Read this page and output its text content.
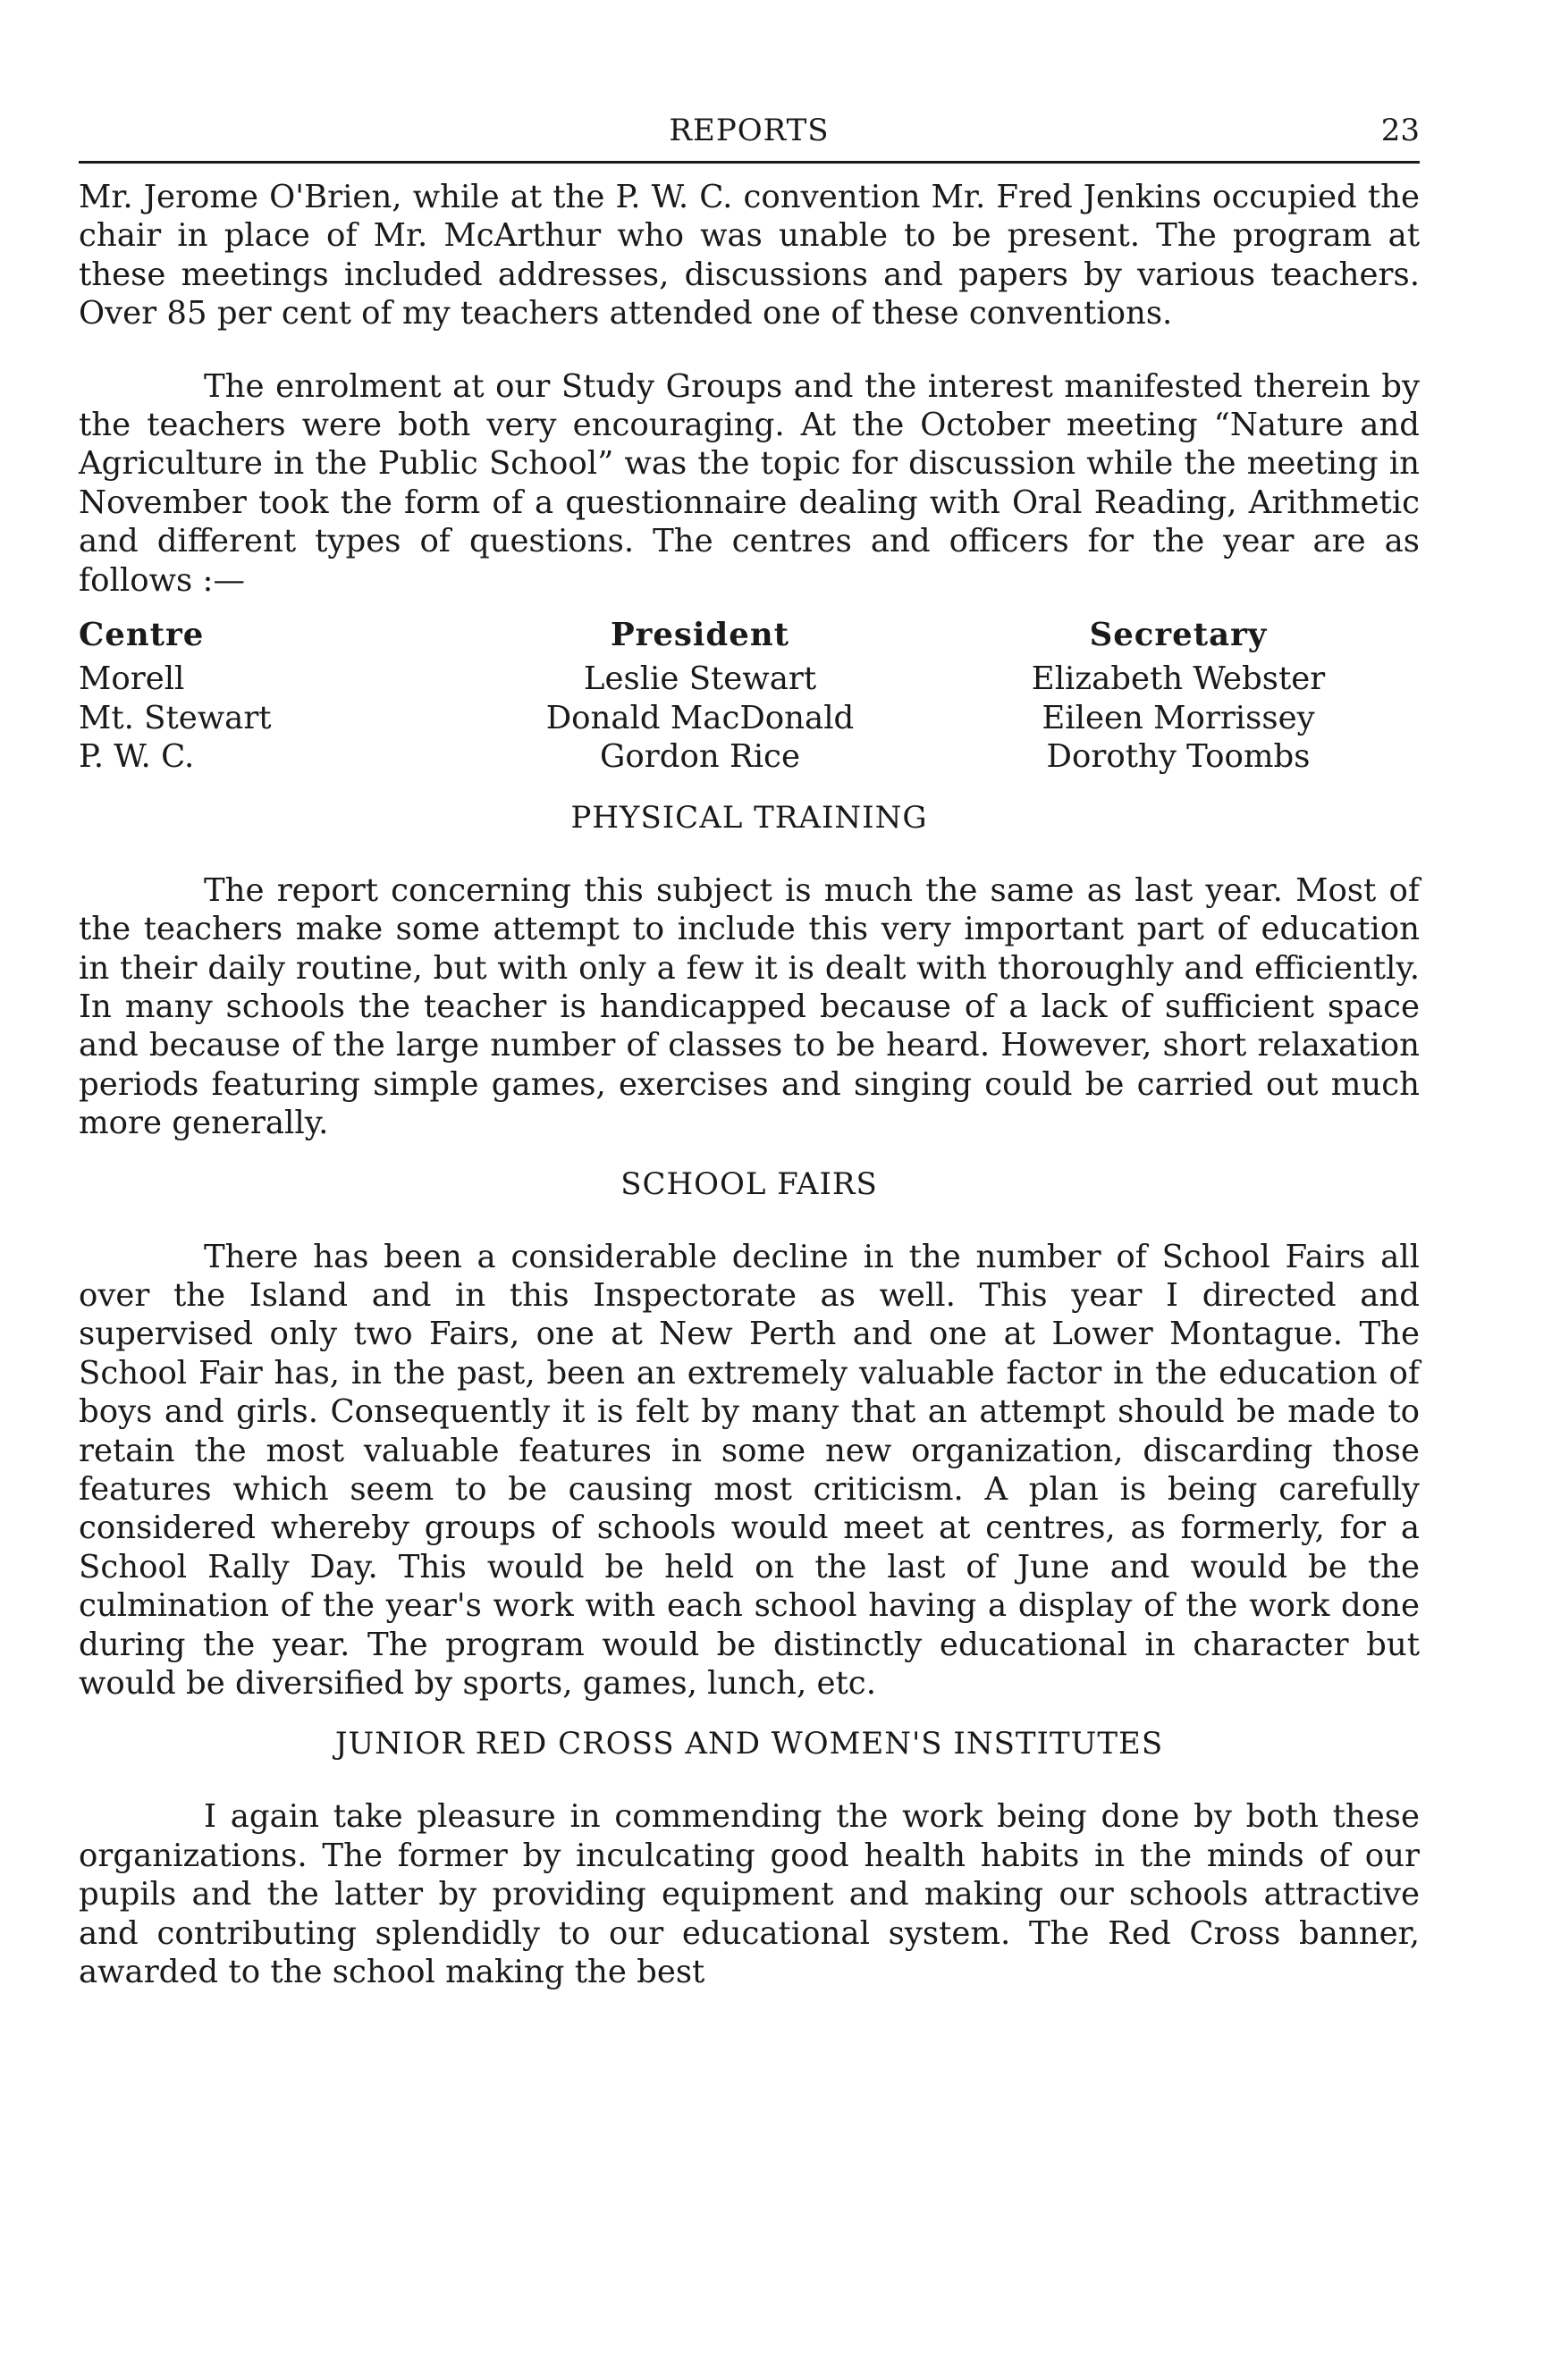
REPORTS	23

Mr. Jerome O'Brien, while at the P. W. C. convention Mr. Fred Jenkins occupied the chair in place of Mr. McArthur who was unable to be present. The program at these meetings included addresses, discussions and papers by various teachers. Over 85 per cent of my teachers attended one of these conventions.

The enrolment at our Study Groups and the interest manifested therein by the teachers were both very encouraging. At the October meeting “Nature and Agriculture in the Public School” was the topic for discussion while the meeting in November took the form of a questionnaire dealing with Oral Reading, Arithmetic and different types of questions. The centres and officers for the year are as follows :—

Centre	President	Secretary
Morell	Leslie Stewart	Elizabeth Webster
Mt. Stewart	Donald MacDonald	Eileen Morrissey
P. W. C.	Gordon Rice	Dorothy Toombs
PHYSICAL TRAINING

The report concerning this subject is much the same as last year. Most of the teachers make some attempt to include this very important part of education in their daily routine, but with only a few it is dealt with thoroughly and efficiently. In many schools the teacher is handicapped because of a lack of sufficient space and because of the large number of classes to be heard. However, short relaxation periods featuring simple games, exercises and singing could be carried out much more generally.

SCHOOL FAIRS

There has been a considerable decline in the number of School Fairs all over the Island and in this Inspectorate as well. This year I directed and supervised only two Fairs, one at New Perth and one at Lower Montague. The School Fair has, in the past, been an extremely valuable factor in the education of boys and girls. Consequently it is felt by many that an attempt should be made to retain the most valuable features in some new organization, discarding those features which seem to be causing most criticism. A plan is being carefully considered whereby groups of schools would meet at centres, as formerly, for a School Rally Day. This would be held on the last of June and would be the culmination of the year's work with each school having a display of the work done during the year. The program would be distinctly educational in character but would be diversified by sports, games, lunch, etc.

JUNIOR RED CROSS AND WOMEN'S INSTITUTES

I again take pleasure in commending the work being done by both these organizations. The former by inculcating good health habits in the minds of our pupils and the latter by providing equipment and making our schools attractive and contributing splendidly to our educational system. The Red Cross banner, awarded to the school making the best
